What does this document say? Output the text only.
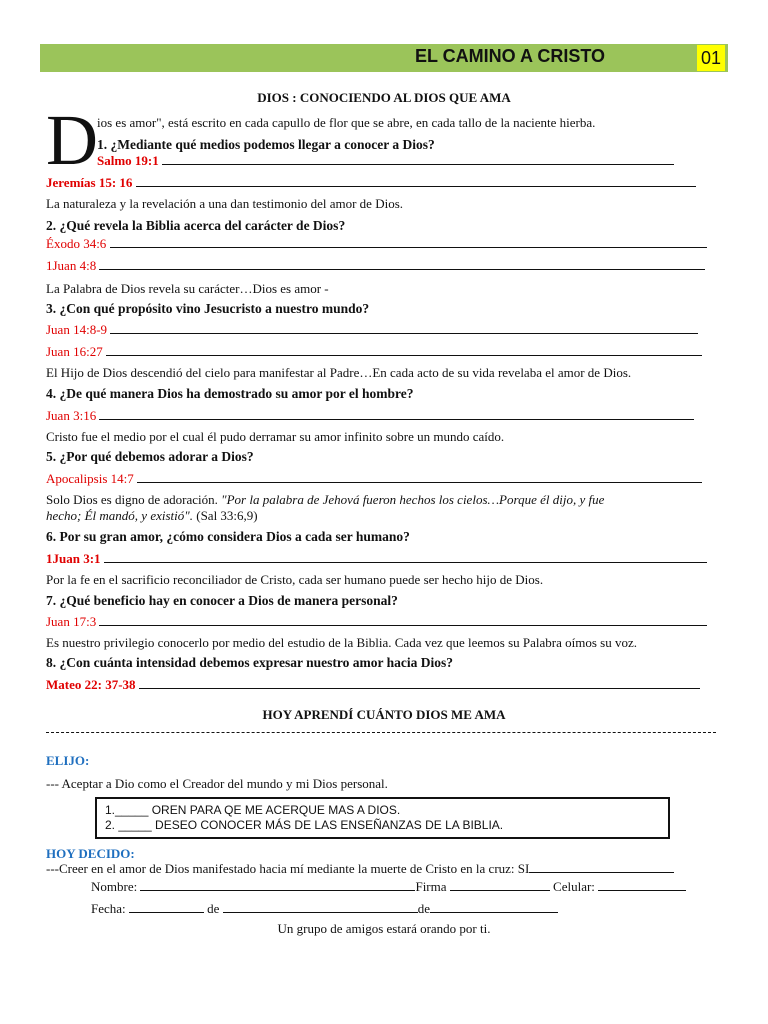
EL CAMINO A CRISTO	01
DIOS : CONOCIENDO AL DIOS QUE AMA
D ios es amor", está escrito en cada capullo de flor que se abre, en cada tallo de la naciente hierba.
1. ¿Mediante qué medios podemos llegar a conocer a Dios?
Salmo 19:1
Jeremías 15: 16
La naturaleza y la revelación a una dan testimonio del amor de Dios.
2. ¿Qué revela la Biblia acerca del carácter de Dios?
Éxodo 34:6
1Juan 4:8
La Palabra de Dios revela su carácter…Dios es amor -
3. ¿Con qué propósito vino Jesucristo a nuestro mundo?
Juan 14:8-9
Juan 16:27
El Hijo de Dios descendió del cielo para manifestar al Padre…En cada acto de su vida revelaba el amor de Dios.
4. ¿De qué manera Dios ha demostrado su amor por el hombre?
Juan 3:16
Cristo fue el medio por el cual él pudo derramar su amor infinito sobre un mundo caído.
5. ¿Por qué debemos adorar a Dios?
Apocalipsis 14:7
Solo Dios es digno de adoración. "Por la palabra de Jehová fueron hechos los cielos…Porque él dijo, y fue
hecho; Él mandó, y existió". (Sal 33:6,9)
6. Por su gran amor, ¿cómo considera Dios a cada ser humano?
1Juan 3:1
Por la fe en el sacrificio reconciliador de Cristo, cada ser humano puede ser hecho hijo de Dios.
7. ¿Qué beneficio hay en conocer a Dios de manera personal?
Juan 17:3
Es nuestro privilegio conocerlo por medio del estudio de la Biblia. Cada vez que leemos su Palabra oímos su voz.
8. ¿Con cuánta intensidad debemos expresar nuestro amor hacia Dios?
Mateo 22: 37-38
HOY APRENDÍ CUÁNTO DIOS ME AMA
ELIJO:
--- Aceptar a Dio como el Creador del mundo y mi Dios personal.
1._____ OREN PARA QE ME ACERQUE MAS A DIOS.
2. _____ DESEO CONOCER MÁS DE LAS ENSEÑANZAS DE LA BIBLIA.
HOY DECIDO:
---Creer en el amor de Dios manifestado hacia mí mediante la muerte de Cristo en la cruz: SI
Nombre:	Firma	Celular:
Fecha:	de	de
Un grupo de amigos estará orando por ti.
